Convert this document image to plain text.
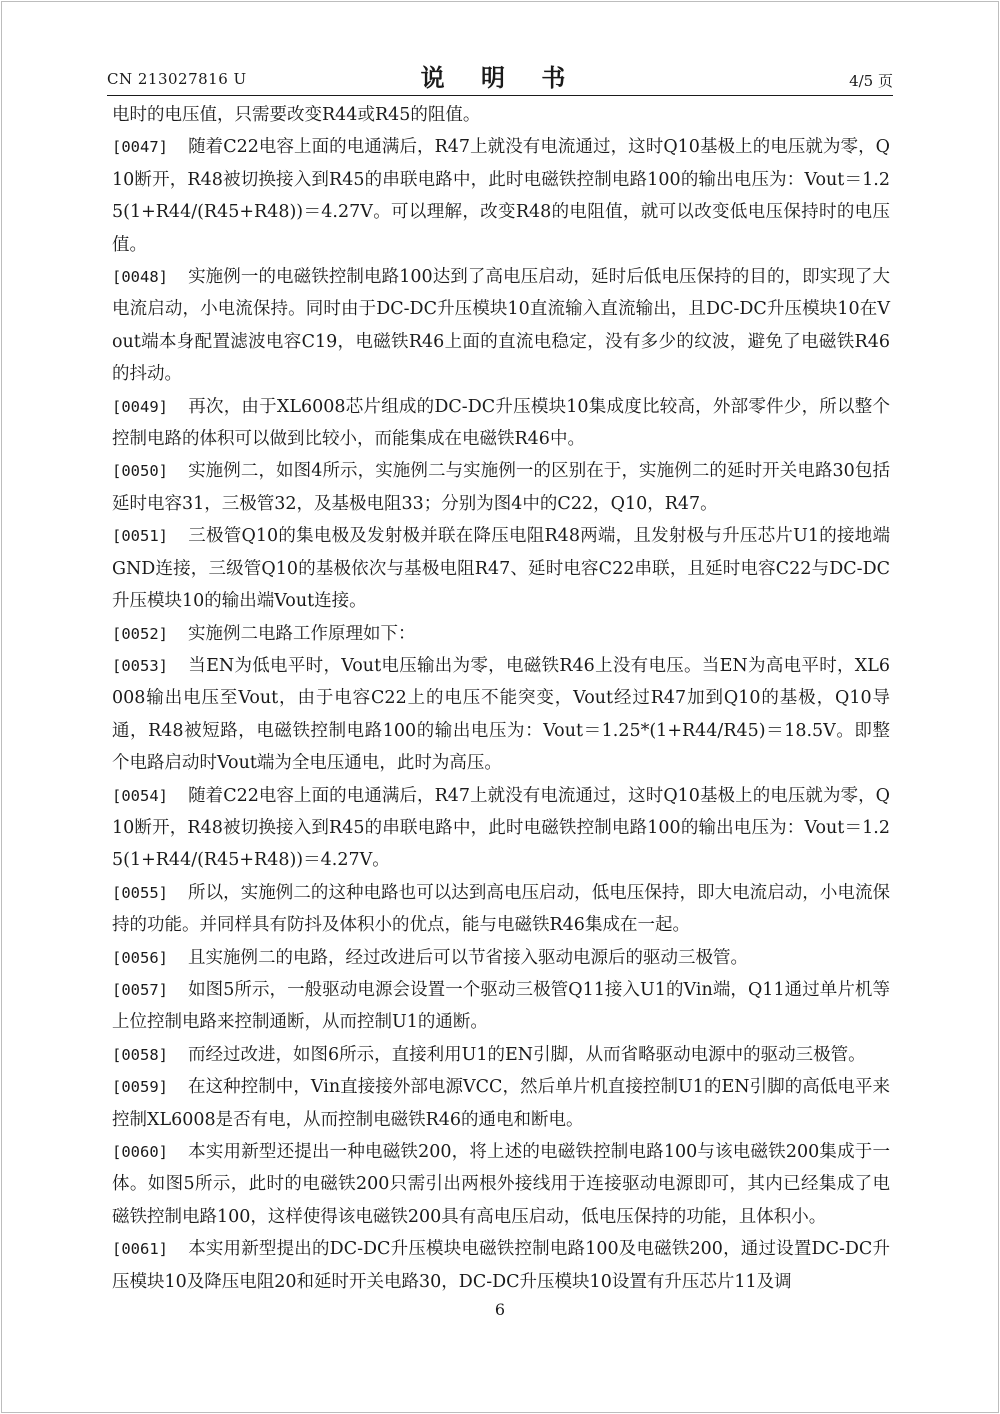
CN 213027816 U	说 明 书	4/5 页

电时的电压值，只需要改变R44或R45的阻值。

[0047] 随着C22电容上面的电通满后，R47上就没有电流通过，这时Q10基极上的电压就为零，Q10断开，R48被切换接入到R45的串联电路中，此时电磁铁控制电路100的输出电压为：Vout＝1.25(1+R44/(R45+R48))＝4.27V。可以理解，改变R48的电阻值，就可以改变低电压保持时的电压值。

[0048] 实施例一的电磁铁控制电路100达到了高电压启动，延时后低电压保持的目的，即实现了大电流启动，小电流保持。同时由于DC-DC升压模块10直流输入直流输出，且DC-DC升压模块10在Vout端本身配置滤波电容C19，电磁铁R46上面的直流电稳定，没有多少的纹波，避免了电磁铁R46的抖动。

[0049] 再次，由于XL6008芯片组成的DC-DC升压模块10集成度比较高，外部零件少，所以整个控制电路的体积可以做到比较小，而能集成在电磁铁R46中。

[0050] 实施例二，如图4所示，实施例二与实施例一的区别在于，实施例二的延时开关电路30包括延时电容31，三极管32，及基极电阻33；分别为图4中的C22，Q10，R47。

[0051] 三极管Q10的集电极及发射极并联在降压电阻R48两端，且发射极与升压芯片U1的接地端GND连接，三级管Q10的基极依次与基极电阻R47、延时电容C22串联，且延时电容C22与DC-DC升压模块10的输出端Vout连接。

[0052] 实施例二电路工作原理如下：

[0053] 当EN为低电平时，Vout电压输出为零，电磁铁R46上没有电压。当EN为高电平时，XL6008输出电压至Vout，由于电容C22上的电压不能突变，Vout经过R47加到Q10的基极，Q10导通，R48被短路，电磁铁控制电路100的输出电压为：Vout＝1.25*(1+R44/R45)＝18.5V。即整个电路启动时Vout端为全电压通电，此时为高压。

[0054] 随着C22电容上面的电通满后，R47上就没有电流通过，这时Q10基极上的电压就为零，Q10断开，R48被切换接入到R45的串联电路中，此时电磁铁控制电路100的输出电压为：Vout＝1.25(1+R44/(R45+R48))＝4.27V。

[0055] 所以，实施例二的这种电路也可以达到高电压启动，低电压保持，即大电流启动，小电流保持的功能。并同样具有防抖及体积小的优点，能与电磁铁R46集成在一起。

[0056] 且实施例二的电路，经过改进后可以节省接入驱动电源后的驱动三极管。

[0057] 如图5所示，一般驱动电源会设置一个驱动三极管Q11接入U1的Vin端，Q11通过单片机等上位控制电路来控制通断，从而控制U1的通断。

[0058] 而经过改进，如图6所示，直接利用U1的EN引脚，从而省略驱动电源中的驱动三极管。

[0059] 在这种控制中，Vin直接接外部电源VCC，然后单片机直接控制U1的EN引脚的高低电平来控制XL6008是否有电，从而控制电磁铁R46的通电和断电。

[0060] 本实用新型还提出一种电磁铁200，将上述的电磁铁控制电路100与该电磁铁200集成于一体。如图5所示，此时的电磁铁200只需引出两根外接线用于连接驱动电源即可，其内已经集成了电磁铁控制电路100，这样使得该电磁铁200具有高电压启动，低电压保持的功能，且体积小。

[0061] 本实用新型提出的DC-DC升压模块电磁铁控制电路100及电磁铁200，通过设置DC-DC升压模块10及降压电阻20和延时开关电路30，DC-DC升压模块10设置有升压芯片11及调

6
